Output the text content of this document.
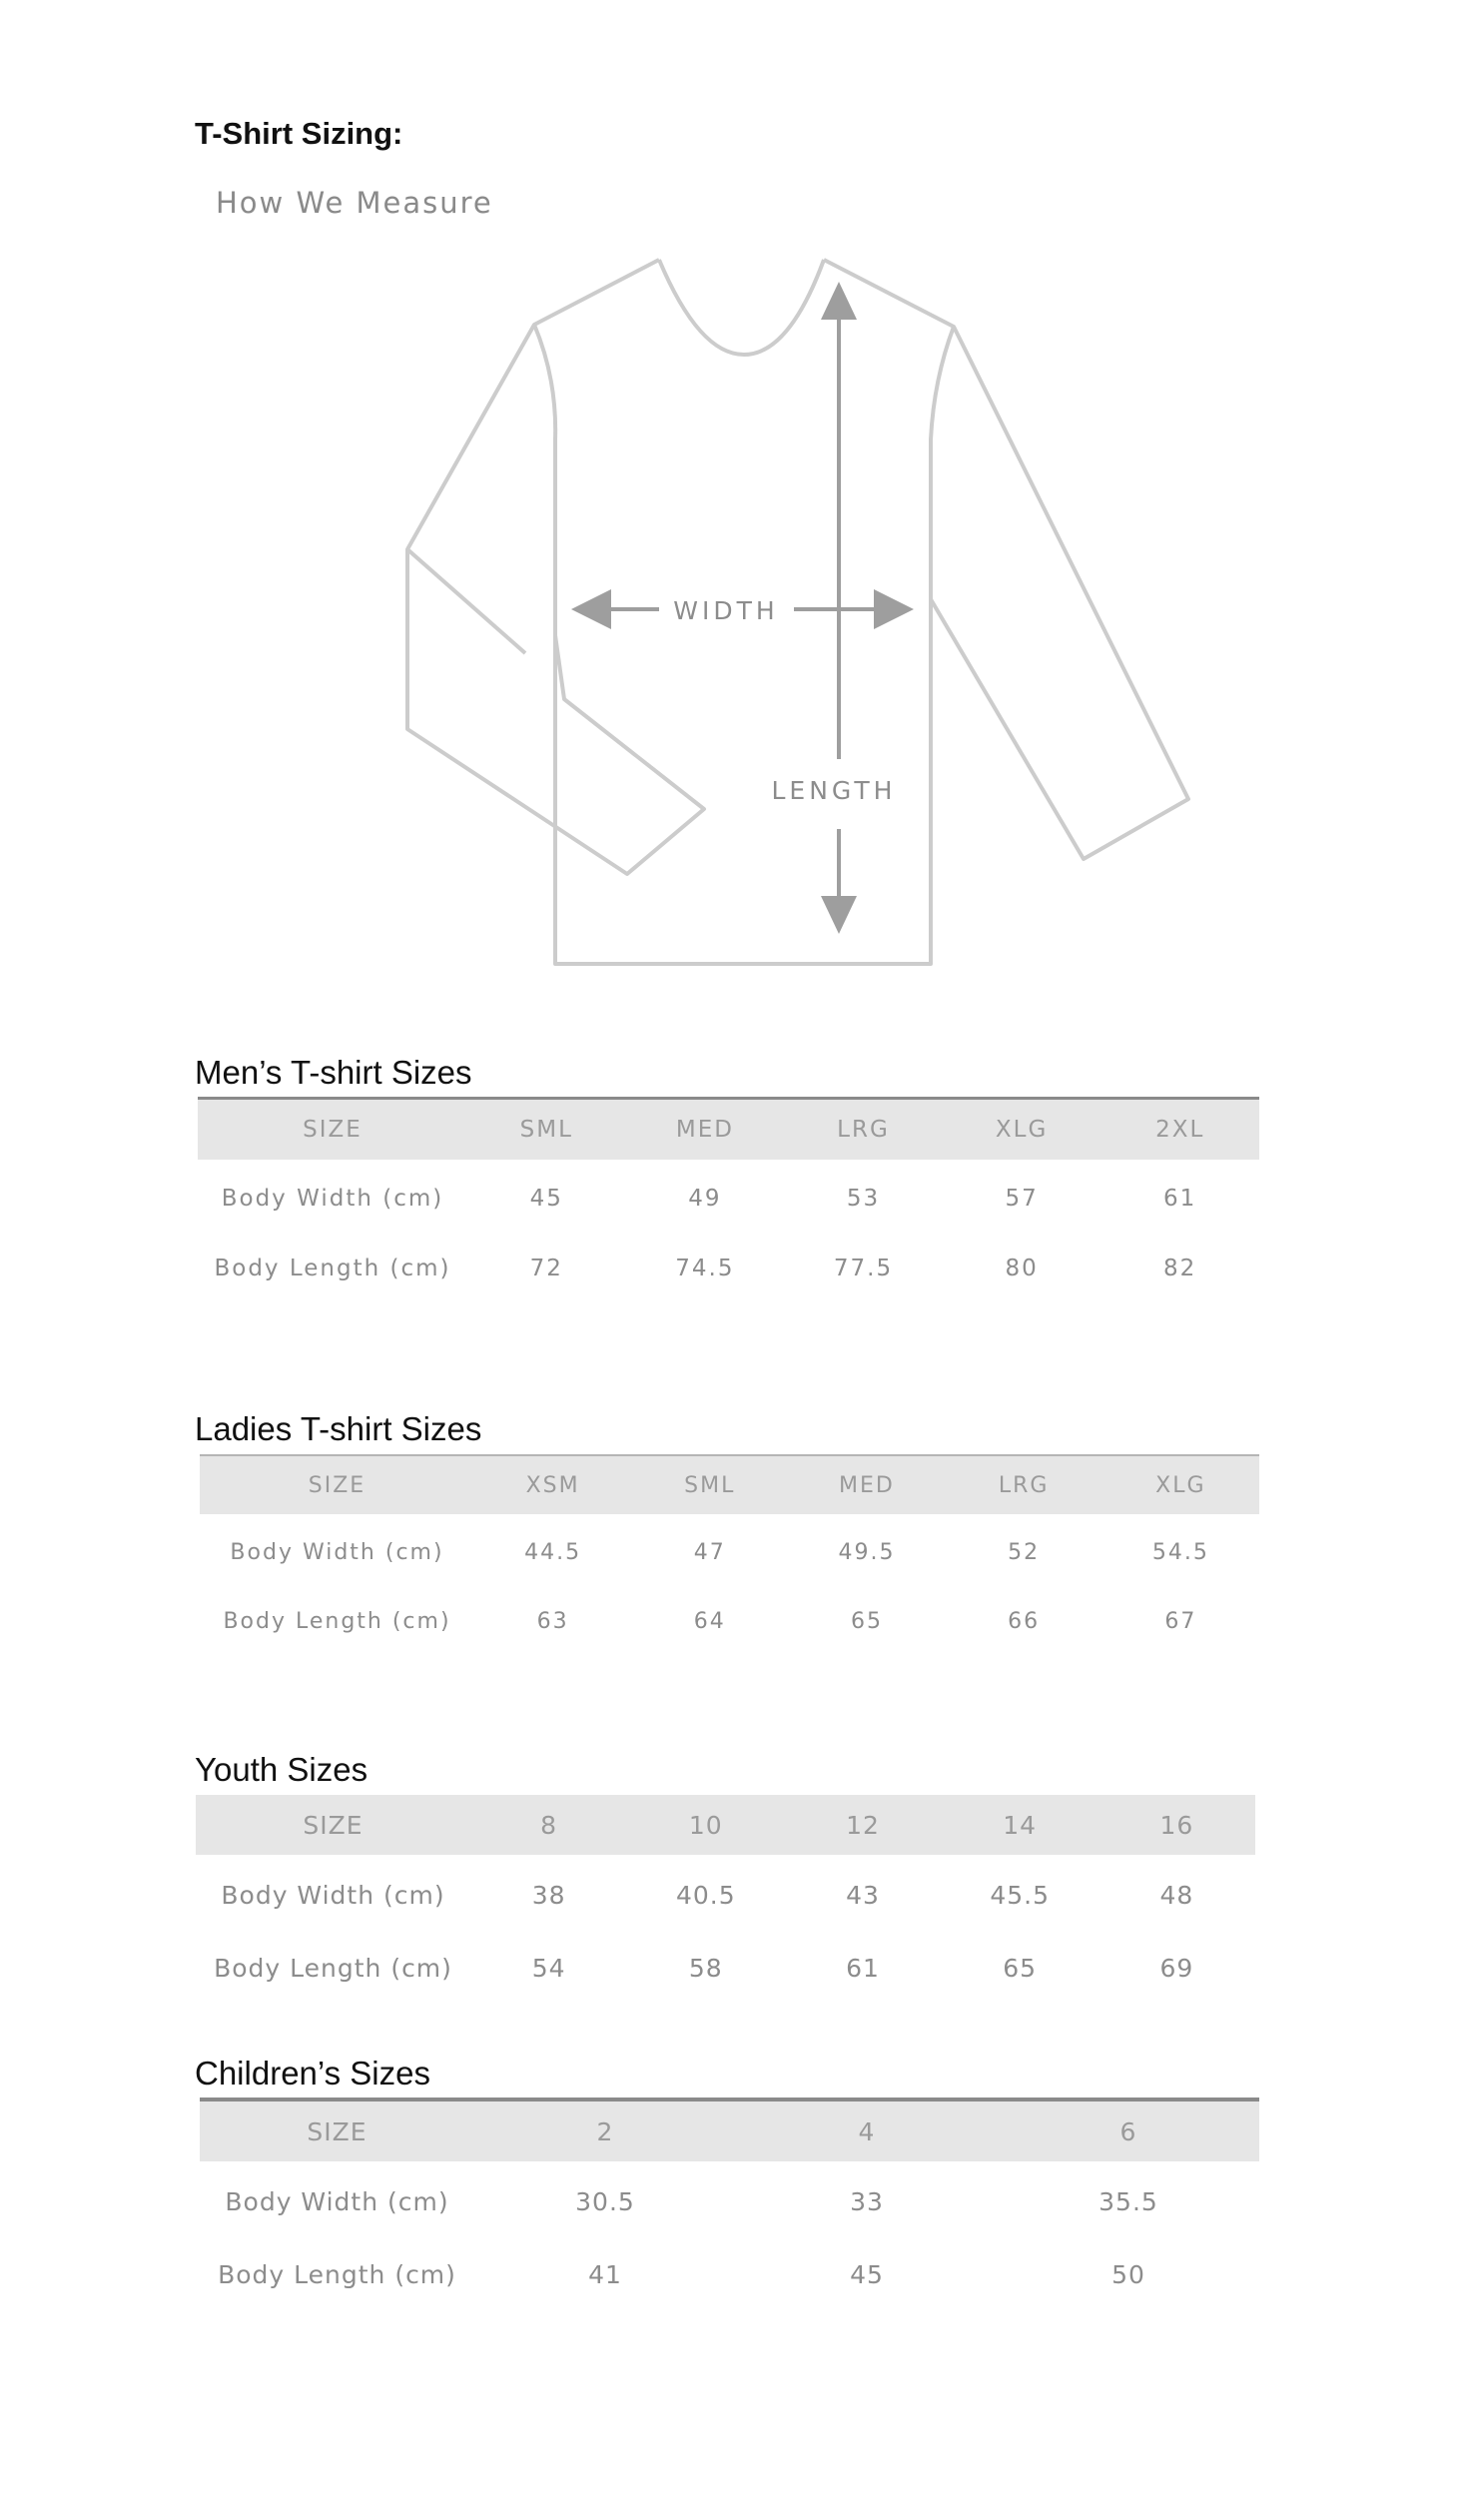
T-Shirt Sizing:
How We Measure
WIDTH
LENGTH
Men’s T-shirt Sizes
SIZE	SML	MED	LRG	XLG	2XL
Body Width (cm)	45	49	53	57	61
Body Length (cm)	72	74.5	77.5	80	82
Ladies T-shirt Sizes
SIZE	XSM	SML	MED	LRG	XLG
Body Width (cm)	44.5	47	49.5	52	54.5
Body Length (cm)	63	64	65	66	67
Youth Sizes
SIZE	8	10	12	14	16
Body Width (cm)	38	40.5	43	45.5	48
Body Length (cm)	54	58	61	65	69
Children’s Sizes
SIZE	2	4	6
Body Width (cm)	30.5	33	35.5
Body Length (cm)	41	45	50
